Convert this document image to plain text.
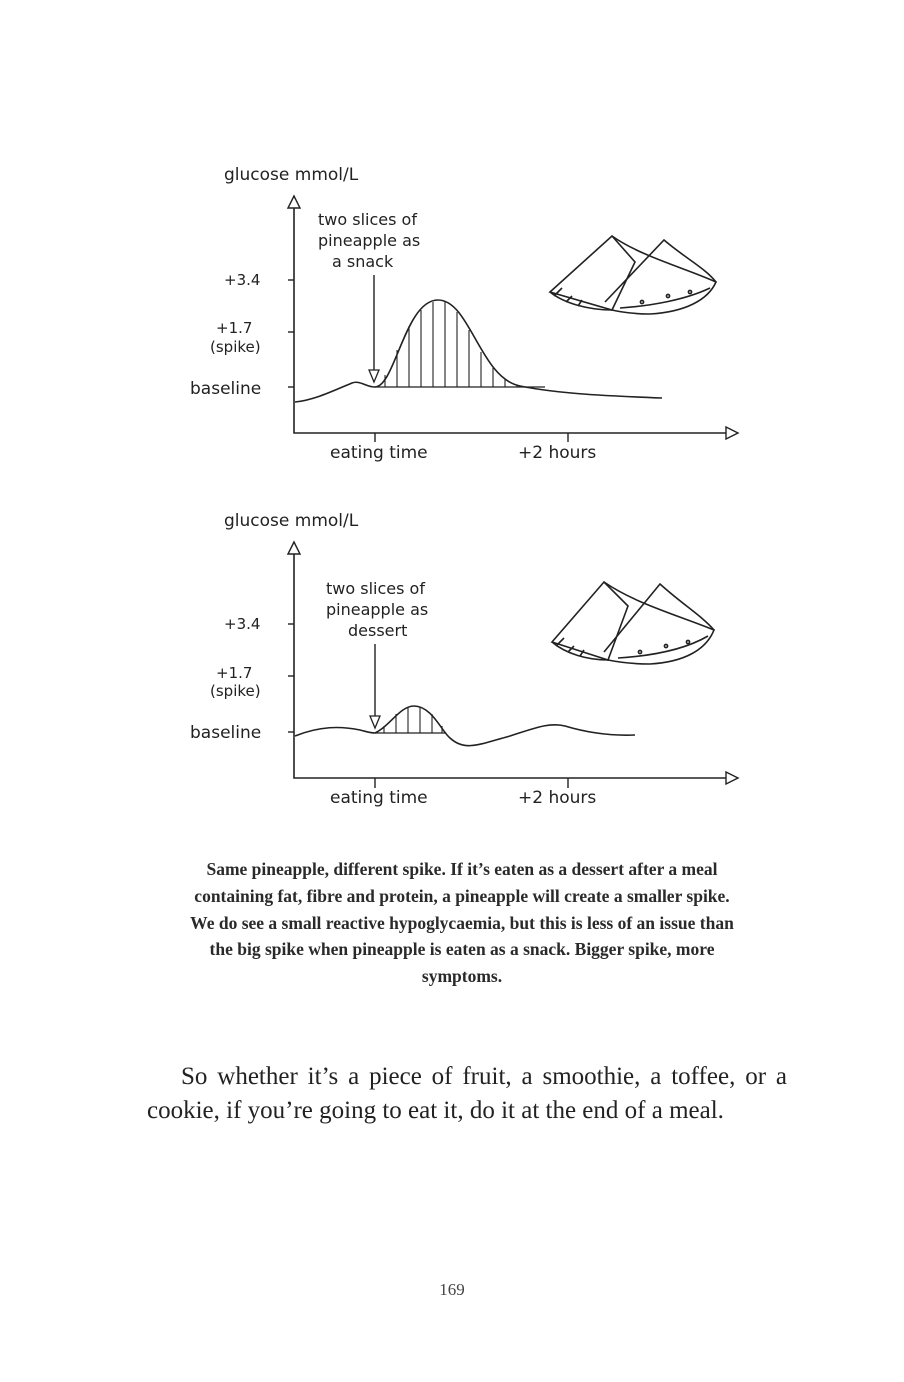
glucose mmol/L
+3.4
+1.7
(spike)
baseline
eating time	+2 hours
two slices of
pineapple as
a snack
glucose mmol/L
+3.4
+1.7
(spike)
baseline
eating time	+2 hours
two slices of
pineapple as
dessert
Same pineapple, different spike. If it’s eaten as a dessert after a meal containing fat, fibre and protein, a pineapple will create a smaller spike. We do see a small reactive hypoglycaemia, but this is less of an issue than the big spike when pineapple is eaten as a snack. Bigger spike, more symptoms.

So whether it’s a piece of fruit, a smoothie, a toffee, or a cookie, if you’re going to eat it, do it at the end of a meal.

169
